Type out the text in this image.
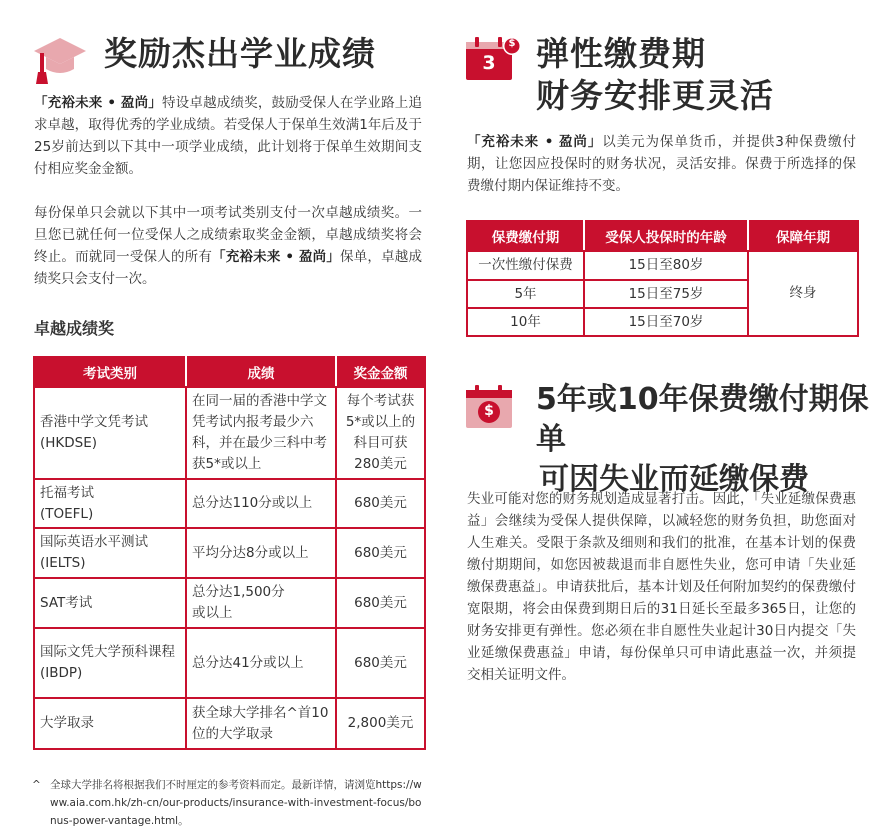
奖励杰出学业成绩

「充裕未来 • 盈尚」特设卓越成绩奖，鼓励受保人在学业路上追求卓越，取得优秀的学业成绩。若受保人于保单生效满1年后及于25岁前达到以下其中一项学业成绩，此计划将于保单生效期间支付相应奖金金额。

每份保单只会就以下其中一项考试类别支付一次卓越成绩奖。一旦您已就任何一位受保人之成绩索取奖金金额，卓越成绩奖将会终止。而就同一受保人的所有「充裕未来 • 盈尚」保单，卓越成绩奖只会支付一次。

卓越成绩奖
考试类别	成绩	奖金金额
香港中学文凭考试
(HKDSE)	在同一届的香港中学文凭考试内报考最少六科，并在最少三科中考获5*或以上	每个考试获5*或以上的科目可获280美元
托福考试
(TOEFL)	总分达110分或以上	680美元
国际英语水平测试
(IELTS)	平均分达8分或以上	680美元
SAT考试	总分达1,500分
或以上	680美元
国际文凭大学预科课程
(IBDP)	总分达41分或以上	680美元
大学取录	获全球大学排名^首10位的大学取录	2,800美元
^ 全球大学排名将根据我们不时厘定的参考资料而定。最新详情，请浏览https://www.aia.com.hk/zh-cn/our-products/insurance-with-investment-focus/bonus-power-vantage.html。
3
$ 弹性缴费期
财务安排更灵活

「充裕未来 • 盈尚」以美元为保单货币，并提供3种保费缴付期，让您因应投保时的财务状况，灵活安排。保费于所选择的保费缴付期内保证维持不变。

保费缴付期	受保人投保时的年龄	保障年期
一次性缴付保费	15日至80岁	终身
5年	15日至75岁	
10年	15日至70岁	
$ 5年或10年保费缴付期保单
可因失业而延缴保费

失业可能对您的财务规划造成显著打击。因此，「失业延缴保费惠益」会继续为受保人提供保障，以减轻您的财务负担，助您面对人生难关。受限于条款及细则和我们的批准，在基本计划的保费缴付期期间，如您因被裁退而非自愿性失业，您可申请「失业延缴保费惠益」。申请获批后，基本计划及任何附加契约的保费缴付宽限期，将会由保费到期日后的31日延长至最多365日，让您的财务安排更有弹性。您必须在非自愿性失业起计30日内提交「失业延缴保费惠益」申请，每份保单只可申请此惠益一次，并须提交相关证明文件。
